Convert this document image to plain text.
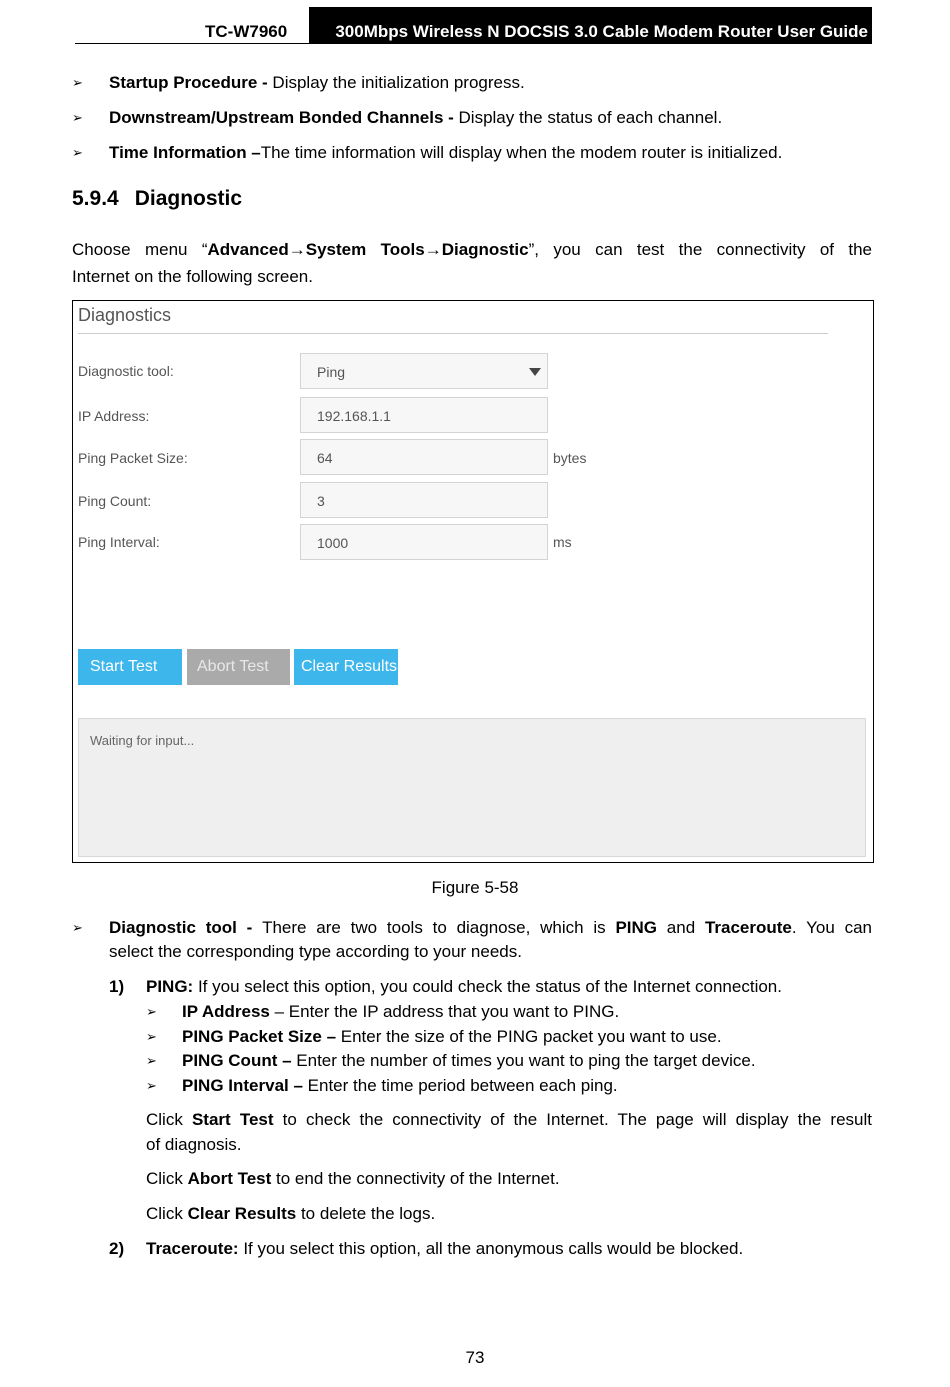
TC-W7960	300Mbps Wireless N DOCSIS 3.0 Cable Modem Router User Guide
➢ Startup Procedure - Display the initialization progress.
➢ Downstream/Upstream Bonded Channels - Display the status of each channel.
➢ Time Information –The time information will display when the modem router is initialized.
5.9.4 Diagnostic
Choose menu “Advanced→System Tools→Diagnostic”, you can test the connectivity of the
Internet on the following screen.
Diagnostics
Diagnostic tool:	Ping
IP Address:	192.168.1.1
Ping Packet Size:	64	bytes
Ping Count:	3
Ping Interval:	1000	ms
Start Test	Abort Test	Clear Results
Waiting for input...
Figure 5-58
➢ Diagnostic tool - There are two tools to diagnose, which is PING and Traceroute. You can
select the corresponding type according to your needs.
1) PING: If you select this option, you could check the status of the Internet connection.
➢ IP Address – Enter the IP address that you want to PING.
➢ PING Packet Size – Enter the size of the PING packet you want to use.
➢ PING Count – Enter the number of times you want to ping the target device.
➢ PING Interval – Enter the time period between each ping.
Click Start Test to check the connectivity of the Internet. The page will display the result
of diagnosis.
Click Abort Test to end the connectivity of the Internet.
Click Clear Results to delete the logs.
2) Traceroute: If you select this option, all the anonymous calls would be blocked.
73
